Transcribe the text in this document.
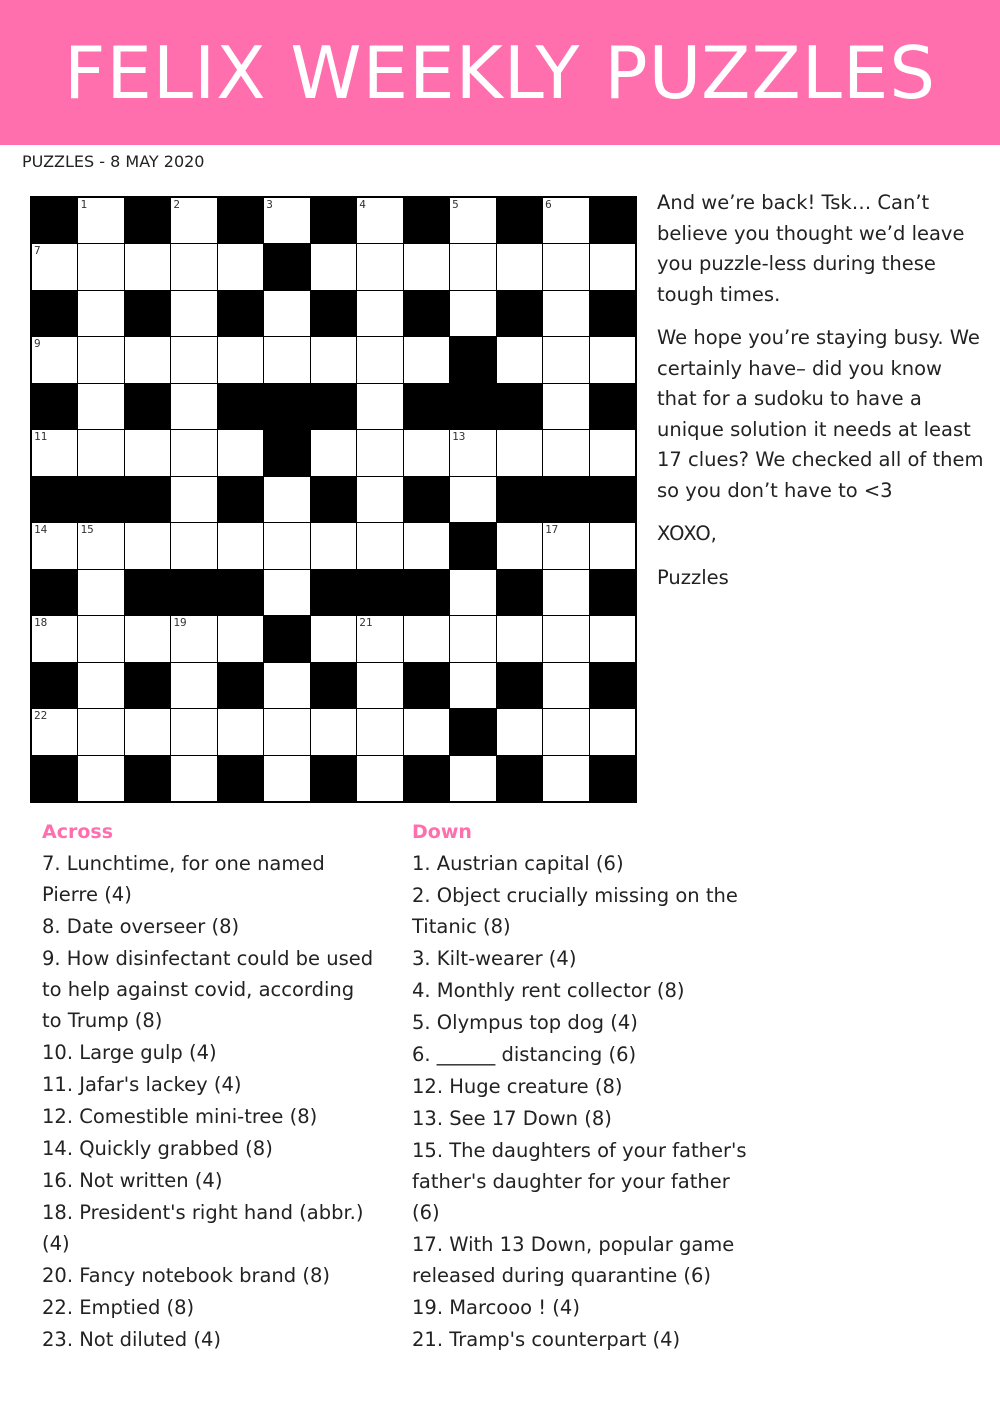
FELIX WEEKLY PUZZLES
PUZZLES - 8 MAY 2020
1	2	3	4	5	6
7
9
11	13
14	15	17
18	19	21
22

And we’re back! Tsk… Can’t believe you thought we’d leave you puzzle-less during these tough times.

We hope you’re staying busy. We certainly have– did you know that for a sudoku to have a unique solution it needs at least 17 clues? We checked all of them so you don’t have to <3

XOXO,

Puzzles

Across
7. Lunchtime, for one named Pierre (4)
8. Date overseer (8)
9. How disinfectant could be used to help against covid, according to Trump (8)
10. Large gulp (4)
11. Jafar's lackey (4)
12. Comestible mini-tree (8)
14. Quickly grabbed (8)
16. Not written (4)
18. President's right hand (abbr.) (4)
20. Fancy notebook brand (8)
22. Emptied (8)
23. Not diluted (4)
Down
1. Austrian capital (6)
2. Object crucially missing on the Titanic (8)
3. Kilt-wearer (4)
4. Monthly rent collector (8)
5. Olympus top dog (4)
6. ______ distancing (6)
12. Huge creature (8)
13. See 17 Down (8)
15. The daughters of your father's father's daughter for your father (6)
17. With 13 Down, popular game released during quarantine (6)
19. Marcooo ! (4)
21. Tramp's counterpart (4)
